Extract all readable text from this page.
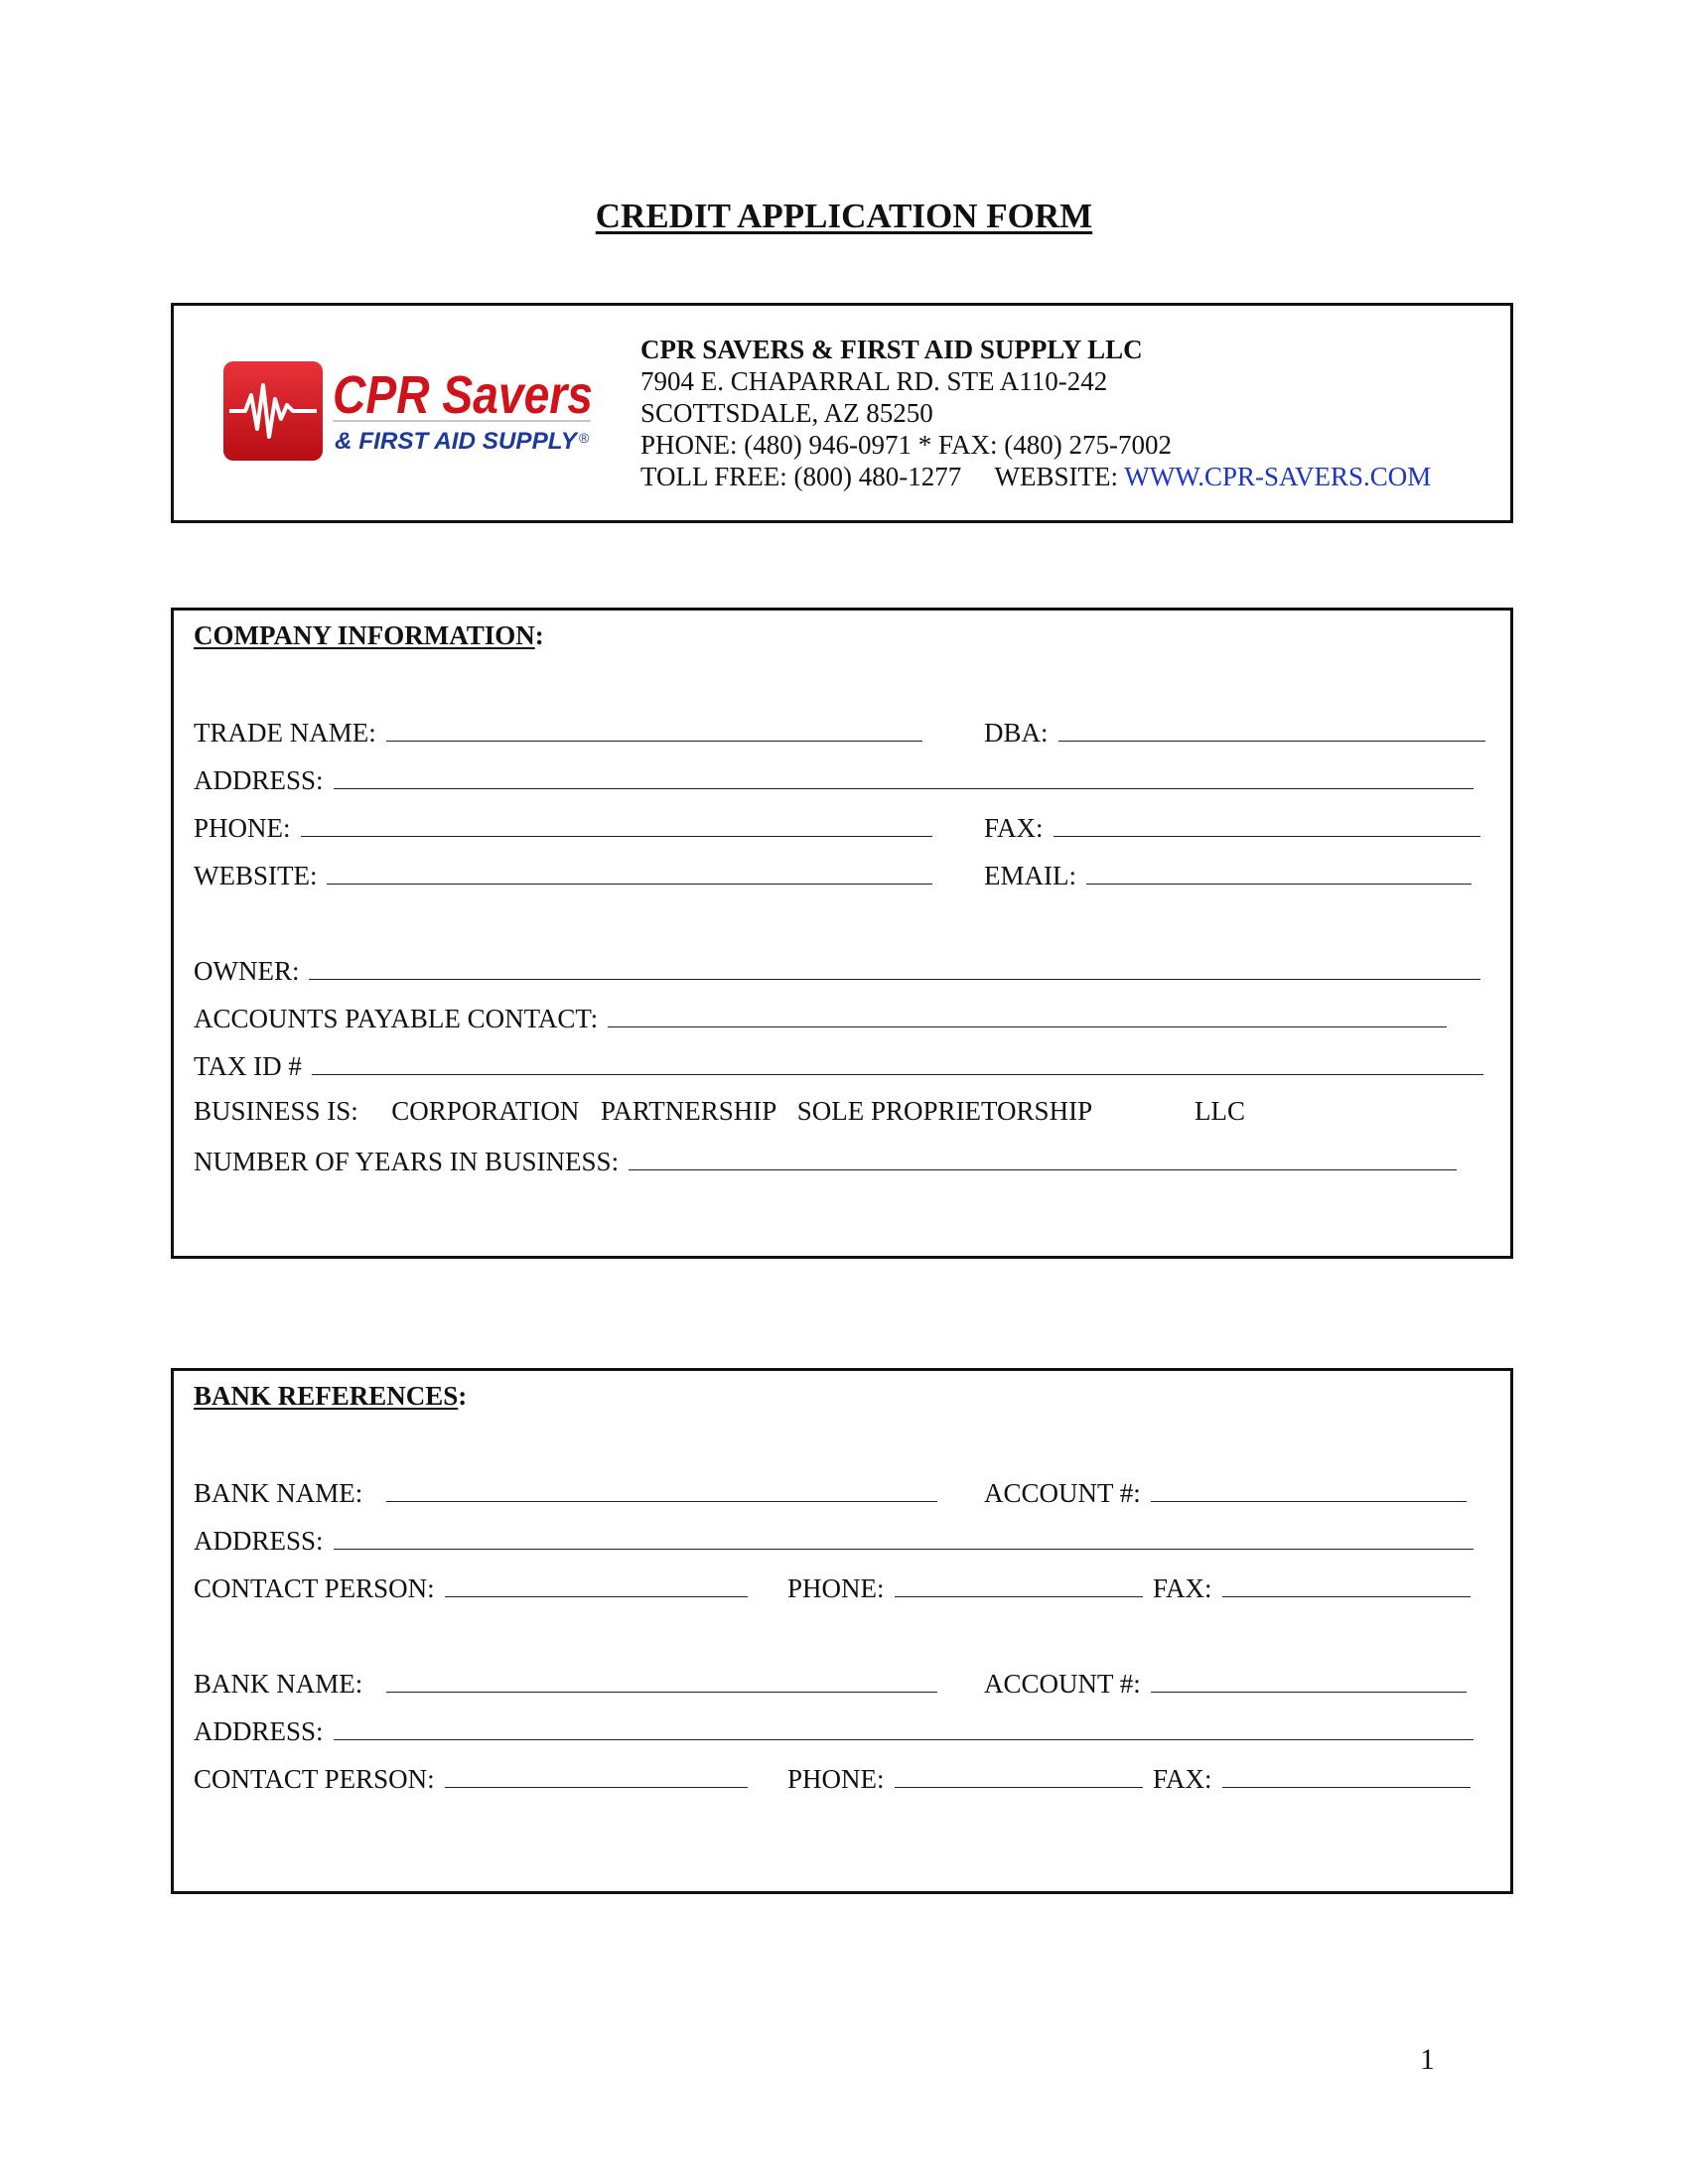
CREDIT APPLICATION FORM
CPR Savers
& FIRST AID SUPPLY ®
CPR SAVERS & FIRST AID SUPPLY LLC
7904 E. CHAPARRAL RD. STE A110-242
SCOTTSDALE, AZ 85250
PHONE: (480) 946-0971 * FAX: (480) 275-7002
TOLL FREE: (800) 480-1277 WEBSITE: WWW.CPR-SAVERS.COM
COMPANY INFORMATION:
TRADE NAME:	DBA:
ADDRESS:
PHONE:	FAX:
WEBSITE:	EMAIL:
OWNER:
ACCOUNTS PAYABLE CONTACT:
TAX ID #
BUSINESS IS: CORPORATION PARTNERSHIP SOLE PROPRIETORSHIP	LLC
NUMBER OF YEARS IN BUSINESS:
BANK REFERENCES:
BANK NAME:	ACCOUNT #:
ADDRESS:
CONTACT PERSON:	PHONE:	FAX:
BANK NAME:	ACCOUNT #:
ADDRESS:
CONTACT PERSON:	PHONE:	FAX:
1
